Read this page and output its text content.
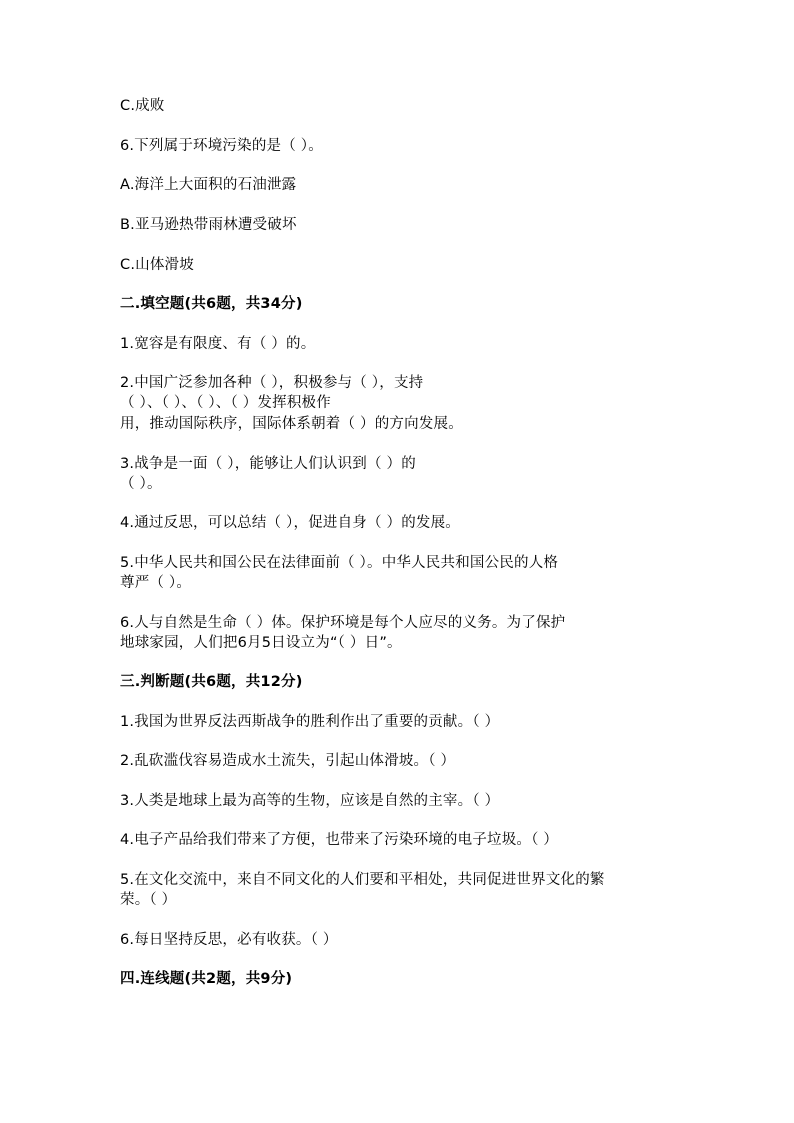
C.成败
6.下列属于环境污染的是（ ）。
A.海洋上大面积的石油泄露
B.亚马逊热带雨林遭受破坏
C.山体滑坡
二.填空题(共6题，共34分)
1.宽容是有限度、有（ ）的。
2.中国广泛参加各种（ ），积极参与（ ），支持
（ ）、（ ）、（ ）、（ ）发挥积极作
用，推动国际秩序，国际体系朝着（ ）的方向发展。
3.战争是一面（ ），能够让人们认识到（ ）的
（ ）。
4.通过反思，可以总结（ ），促进自身（ ）的发展。
5.中华人民共和国公民在法律面前（ ）。中华人民共和国公民的人格
尊严（ ）。
6.人与自然是生命（ ）体。保护环境是每个人应尽的义务。为了保护
地球家园，人们把6月5日设立为“（ ）日”。
三.判断题(共6题，共12分)
1.我国为世界反法西斯战争的胜利作出了重要的贡献。（ ）
2.乱砍滥伐容易造成水土流失，引起山体滑坡。（ ）
3.人类是地球上最为高等的生物，应该是自然的主宰。（ ）
4.电子产品给我们带来了方便，也带来了污染环境的电子垃圾。（ ）
5.在文化交流中，来自不同文化的人们要和平相处，共同促进世界文化的繁
荣。（ ）
6.每日坚持反思，必有收获。（ ）
四.连线题(共2题，共9分)
